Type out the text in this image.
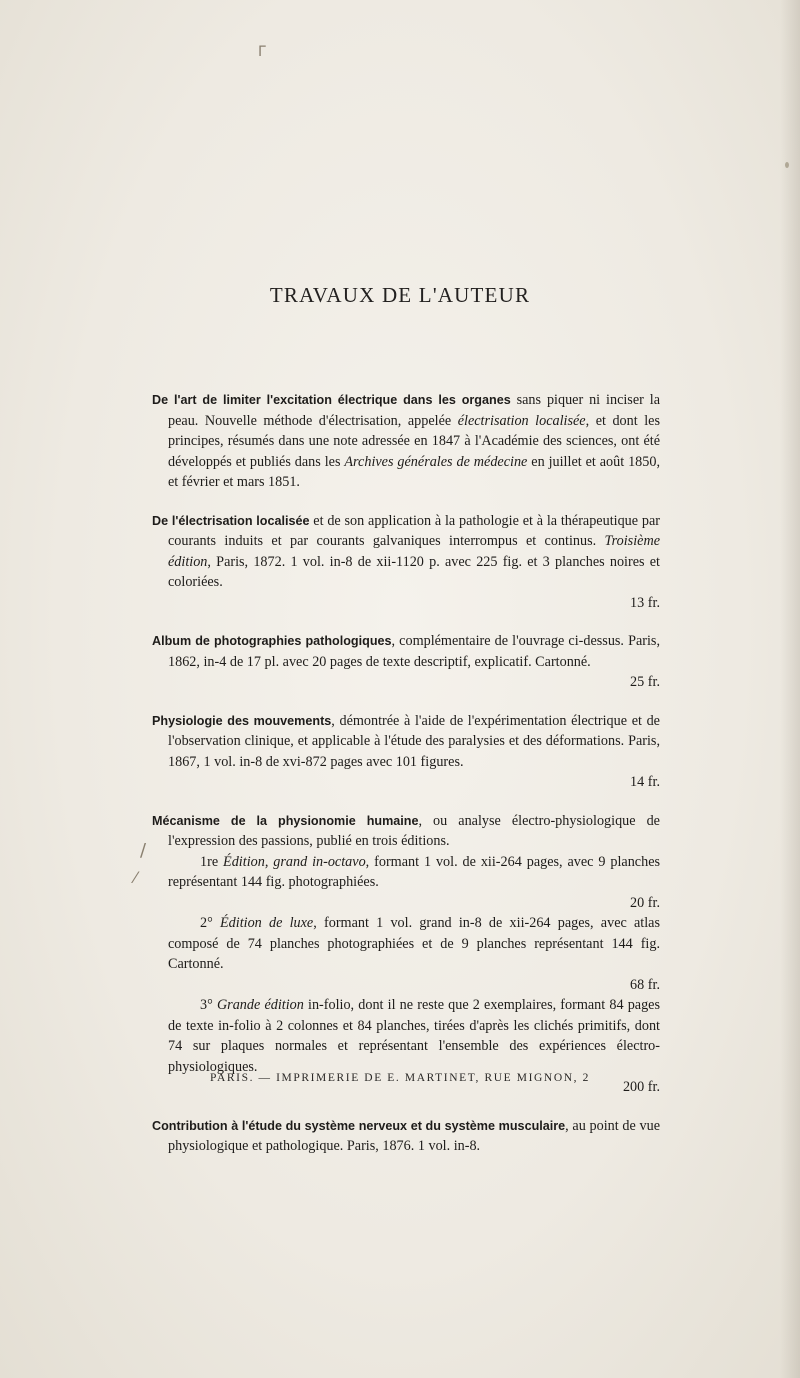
ᒥ
/
⁄
TRAVAUX DE L'AUTEUR
De l'art de limiter l'excitation électrique dans les organes sans piquer ni inciser la peau. Nouvelle méthode d'électrisation, appelée électrisation localisée, et dont les principes, résumés dans une note adressée en 1847 à l'Académie des sciences, ont été développés et publiés dans les Archives générales de médecine en juillet et août 1850, et février et mars 1851.
De l'électrisation localisée et de son application à la pathologie et à la thérapeutique par courants induits et par courants galvaniques interrompus et continus. Troisième édition, Paris, 1872. 1 vol. in-8 de xii-1120 p. avec 225 fig. et 3 planches noires et coloriées.
13 fr.
Album de photographies pathologiques, complémentaire de l'ouvrage ci-dessus. Paris, 1862, in-4 de 17 pl. avec 20 pages de texte descriptif, explicatif. Cartonné.
25 fr.
Physiologie des mouvements, démontrée à l'aide de l'expérimentation électrique et de l'observation clinique, et applicable à l'étude des paralysies et des déformations. Paris, 1867, 1 vol. in-8 de xvi-872 pages avec 101 figures.
14 fr.
Mécanisme de la physionomie humaine, ou analyse électro-physiologique de l'expression des passions, publié en trois éditions.
1re Édition, grand in-octavo, formant 1 vol. de xii-264 pages, avec 9 planches représentant 144 fig. photographiées.
20 fr.
2° Édition de luxe, formant 1 vol. grand in-8 de xii-264 pages, avec atlas composé de 74 planches photographiées et de 9 planches représentant 144 fig. Cartonné.
68 fr.
3° Grande édition in-folio, dont il ne reste que 2 exemplaires, formant 84 pages de texte in-folio à 2 colonnes et 84 planches, tirées d'après les clichés primitifs, dont 74 sur plaques normales et représentant l'ensemble des expériences électro-physiologiques.
200 fr.
Contribution à l'étude du système nerveux et du système musculaire, au point de vue physiologique et pathologique. Paris, 1876. 1 vol. in-8.
PARIS. — IMPRIMERIE DE E. MARTINET, RUE MIGNON, 2
